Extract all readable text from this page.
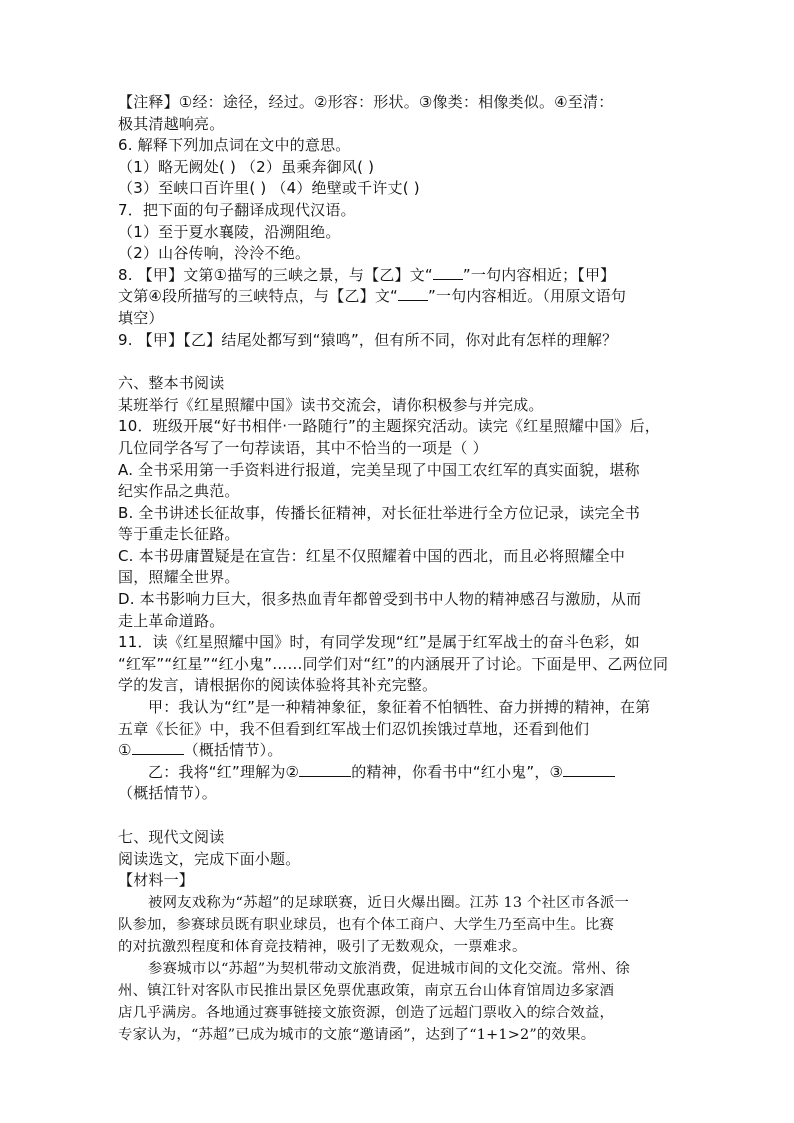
【注释】①经：途径，经过。②形容：形状。③像类：相像类似。④至清：
极其清越响亮。
6. 解释下列加点词在文中的意思。
（1）略无阙处( ) （2）虽乘奔御风( )
（3）至峡口百许里( ) （4）绝壁或千许丈( )
7．把下面的句子翻译成现代汉语。
（1）至于夏水襄陵，沿溯阻绝。
（2）山谷传响，泠泠不绝。
8. 【甲】文第①描写的三峡之景，与【乙】文“ ”一句内容相近；【甲】
文第④段所描写的三峡特点，与【乙】文“ ”一句内容相近。（用原文语句
填空）
9. 【甲】【乙】结尾处都写到“猿鸣”，但有所不同，你对此有怎样的理解？
六、整本书阅读
某班举行《红星照耀中国》读书交流会，请你积极参与并完成。
10．班级开展“好书相伴·一路随行”的主题探究活动。读完《红星照耀中国》后，
几位同学各写了一句荐读语，其中不恰当的一项是（ ）
A. 全书采用第一手资料进行报道，完美呈现了中国工农红军的真实面貌，堪称
纪实作品之典范。
B. 全书讲述长征故事，传播长征精神，对长征壮举进行全方位记录，读完全书
等于重走长征路。
C. 本书毋庸置疑是在宣告：红星不仅照耀着中国的西北，而且必将照耀全中
国，照耀全世界。
D. 本书影响力巨大，很多热血青年都曾受到书中人物的精神感召与激励，从而
走上革命道路。
11．读《红星照耀中国》时，有同学发现“红”是属于红军战士的奋斗色彩，如
“红军”“红星”“红小鬼”……同学们对“红”的内涵展开了讨论。下面是甲、乙两位同
学的发言，请根据你的阅读体验将其补充完整。
甲：我认为“红”是一种精神象征，象征着不怕牺牲、奋力拼搏的精神，在第
五章《长征》中，我不但看到红军战士们忍饥挨饿过草地，还看到他们
①	（概括情节）。
乙：我将“红”理解为②	的精神，你看书中“红小鬼”，③
（概括情节）。
七、现代文阅读
阅读选文，完成下面小题。
【材料一】
被网友戏称为“苏超”的足球联赛，近日火爆出圈。江苏 13 个社区市各派一
队参加，参赛球员既有职业球员，也有个体工商户、大学生乃至高中生。比赛
的对抗激烈程度和体育竞技精神，吸引了无数观众，一票难求。
参赛城市以“苏超”为契机带动文旅消费，促进城市间的文化交流。常州、徐
州、镇江针对客队市民推出景区免票优惠政策，南京五台山体育馆周边多家酒
店几乎满房。各地通过赛事链接文旅资源，创造了远超门票收入的综合效益，
专家认为，“苏超”已成为城市的文旅“邀请函”，达到了“1+1>2”的效果。
